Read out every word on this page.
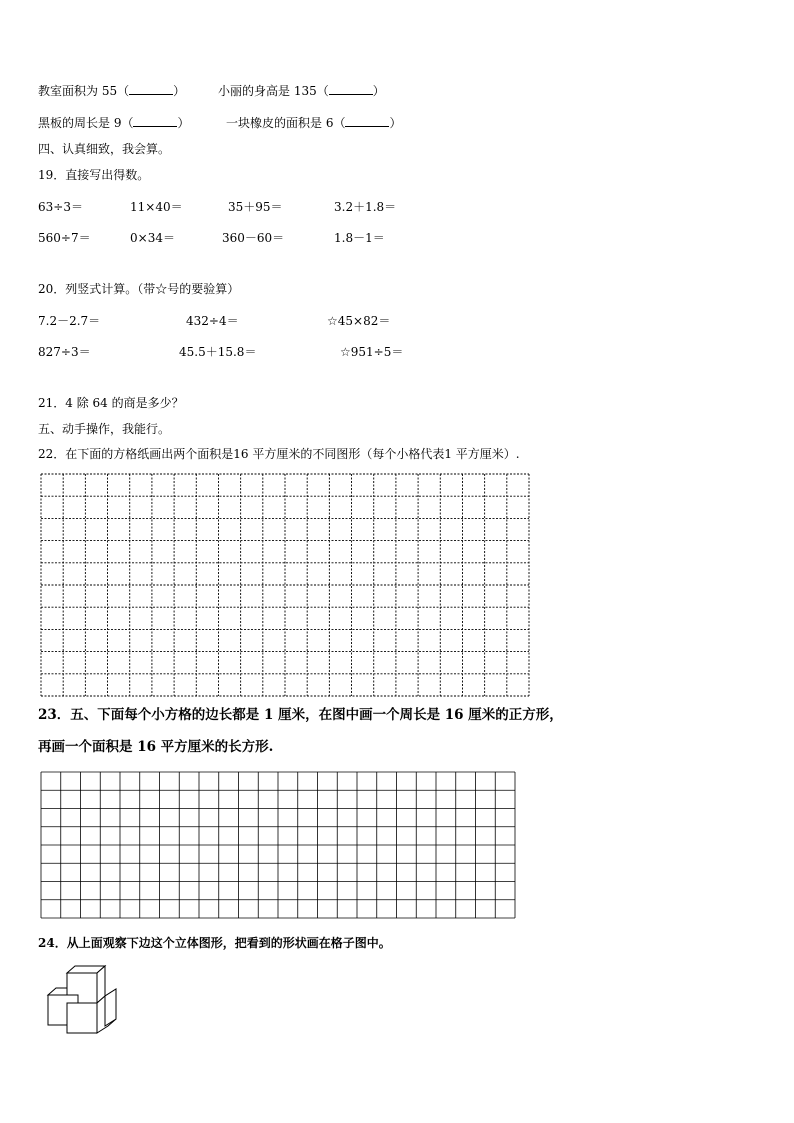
教室面积为 55（	）	小丽的身高是 135（	）
黑板的周长是 9（	）	一块橡皮的面积是 6（	）
四、认真细致，我会算。
19．直接写出得数。
63÷3＝	11×40＝	35＋95＝	3.2＋1.8＝
560÷7＝	0×34＝	360－60＝	1.8－1＝
20．列竖式计算。（带☆号的要验算）
7.2－2.7＝	432÷4＝	☆45×82＝
827÷3＝	45.5＋15.8＝	☆951÷5＝
21．4 除 64 的商是多少？
五、动手操作，我能行。
22．在下面的方格纸画出两个面积是16 平方厘米的不同图形（每个小格代表1 平方厘米）.
23．五、下面每个小方格的边长都是 1 厘米，在图中画一个周长是 16 厘米的正方形，
再画一个面积是 16 平方厘米的长方形.
24．从上面观察下边这个立体图形，把看到的形状画在格子图中。
